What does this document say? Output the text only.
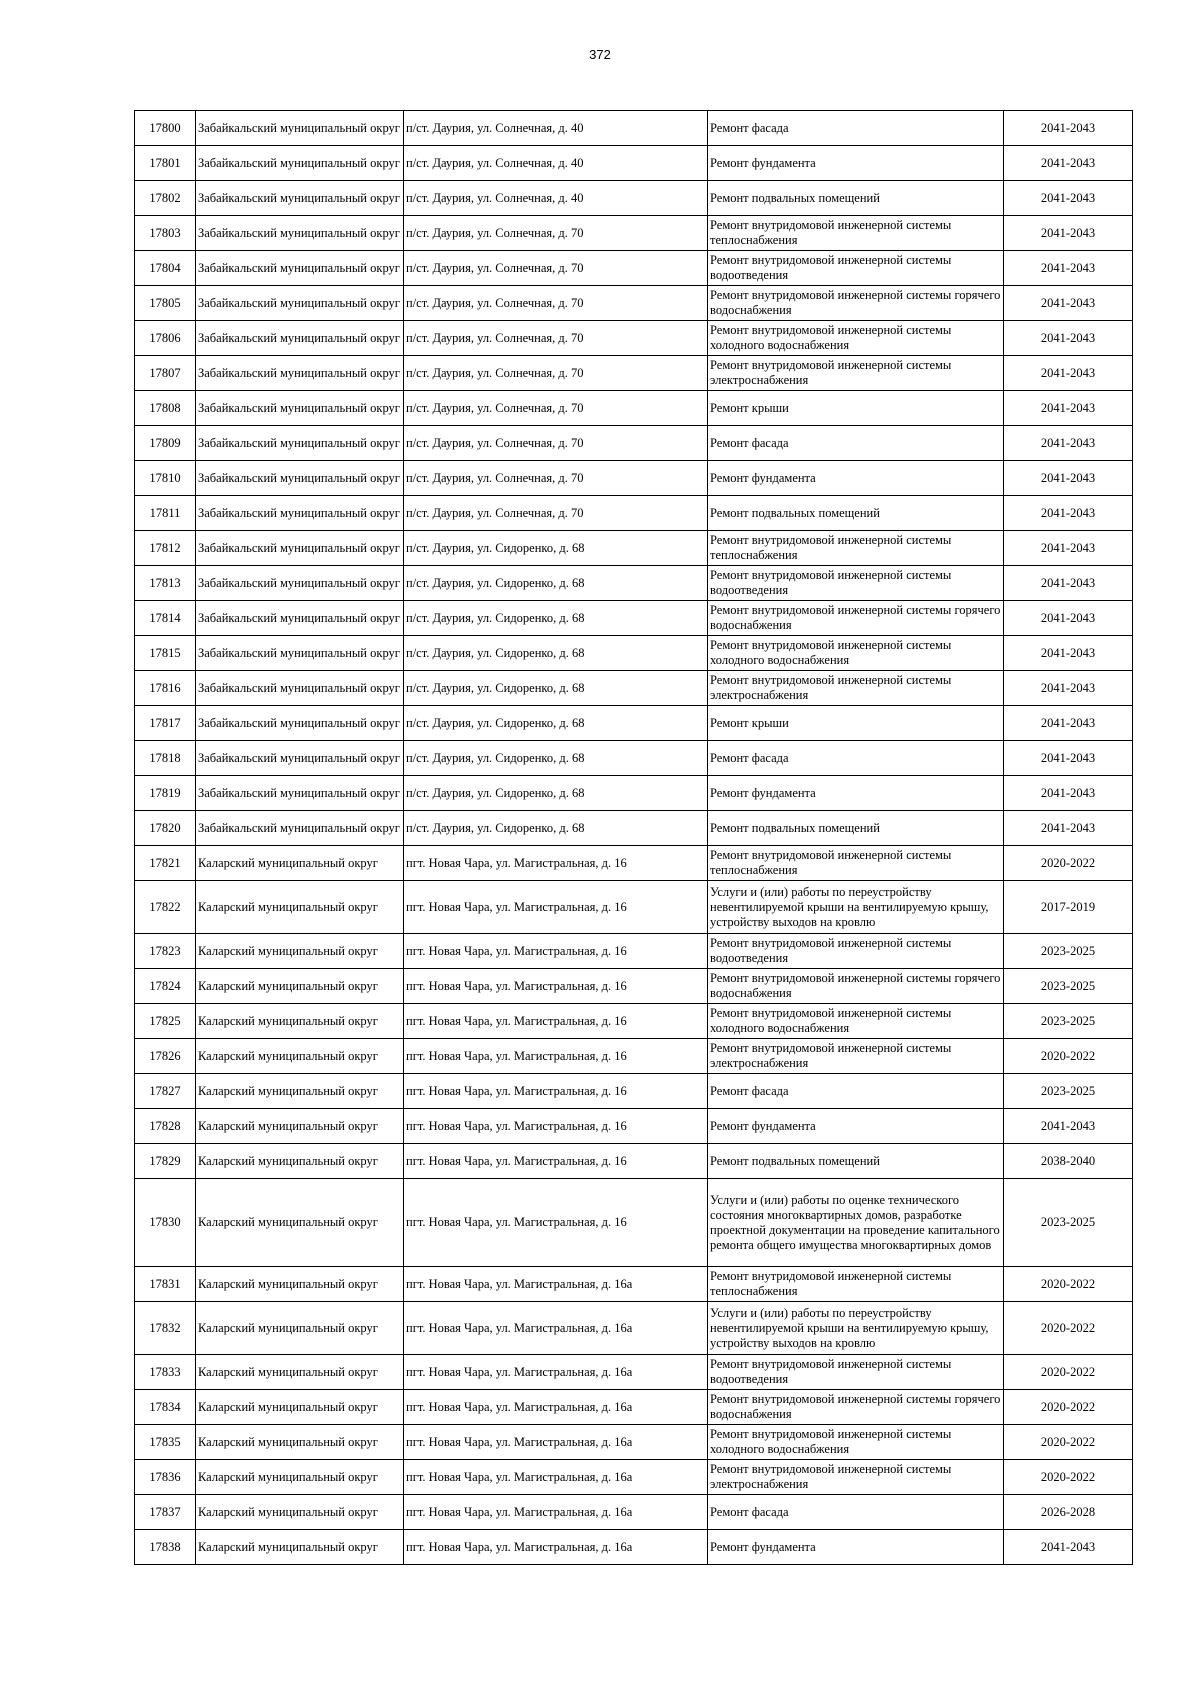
372
17800	Забайкальский муниципальный округ	п/ст. Даурия, ул. Солнечная, д. 40	Ремонт фасада	2041-2043
17801	Забайкальский муниципальный округ	п/ст. Даурия, ул. Солнечная, д. 40	Ремонт фундамента	2041-2043
17802	Забайкальский муниципальный округ	п/ст. Даурия, ул. Солнечная, д. 40	Ремонт подвальных помещений	2041-2043
17803	Забайкальский муниципальный округ	п/ст. Даурия, ул. Солнечная, д. 70	Ремонт внутридомовой инженерной системы теплоснабжения	2041-2043
17804	Забайкальский муниципальный округ	п/ст. Даурия, ул. Солнечная, д. 70	Ремонт внутридомовой инженерной системы водоотведения	2041-2043
17805	Забайкальский муниципальный округ	п/ст. Даурия, ул. Солнечная, д. 70	Ремонт внутридомовой инженерной системы горячего водоснабжения	2041-2043
17806	Забайкальский муниципальный округ	п/ст. Даурия, ул. Солнечная, д. 70	Ремонт внутридомовой инженерной системы холодного водоснабжения	2041-2043
17807	Забайкальский муниципальный округ	п/ст. Даурия, ул. Солнечная, д. 70	Ремонт внутридомовой инженерной системы электроснабжения	2041-2043
17808	Забайкальский муниципальный округ	п/ст. Даурия, ул. Солнечная, д. 70	Ремонт крыши	2041-2043
17809	Забайкальский муниципальный округ	п/ст. Даурия, ул. Солнечная, д. 70	Ремонт фасада	2041-2043
17810	Забайкальский муниципальный округ	п/ст. Даурия, ул. Солнечная, д. 70	Ремонт фундамента	2041-2043
17811	Забайкальский муниципальный округ	п/ст. Даурия, ул. Солнечная, д. 70	Ремонт подвальных помещений	2041-2043
17812	Забайкальский муниципальный округ	п/ст. Даурия, ул. Сидоренко, д. 68	Ремонт внутридомовой инженерной системы теплоснабжения	2041-2043
17813	Забайкальский муниципальный округ	п/ст. Даурия, ул. Сидоренко, д. 68	Ремонт внутридомовой инженерной системы водоотведения	2041-2043
17814	Забайкальский муниципальный округ	п/ст. Даурия, ул. Сидоренко, д. 68	Ремонт внутридомовой инженерной системы горячего водоснабжения	2041-2043
17815	Забайкальский муниципальный округ	п/ст. Даурия, ул. Сидоренко, д. 68	Ремонт внутридомовой инженерной системы холодного водоснабжения	2041-2043
17816	Забайкальский муниципальный округ	п/ст. Даурия, ул. Сидоренко, д. 68	Ремонт внутридомовой инженерной системы электроснабжения	2041-2043
17817	Забайкальский муниципальный округ	п/ст. Даурия, ул. Сидоренко, д. 68	Ремонт крыши	2041-2043
17818	Забайкальский муниципальный округ	п/ст. Даурия, ул. Сидоренко, д. 68	Ремонт фасада	2041-2043
17819	Забайкальский муниципальный округ	п/ст. Даурия, ул. Сидоренко, д. 68	Ремонт фундамента	2041-2043
17820	Забайкальский муниципальный округ	п/ст. Даурия, ул. Сидоренко, д. 68	Ремонт подвальных помещений	2041-2043
17821	Каларский муниципальный округ	пгт. Новая Чара, ул. Магистральная, д. 16	Ремонт внутридомовой инженерной системы теплоснабжения	2020-2022
17822	Каларский муниципальный округ	пгт. Новая Чара, ул. Магистральная, д. 16	Услуги и (или) работы по переустройству невентилируемой крыши на вентилируемую крышу, устройству выходов на кровлю	2017-2019
17823	Каларский муниципальный округ	пгт. Новая Чара, ул. Магистральная, д. 16	Ремонт внутридомовой инженерной системы водоотведения	2023-2025
17824	Каларский муниципальный округ	пгт. Новая Чара, ул. Магистральная, д. 16	Ремонт внутридомовой инженерной системы горячего водоснабжения	2023-2025
17825	Каларский муниципальный округ	пгт. Новая Чара, ул. Магистральная, д. 16	Ремонт внутридомовой инженерной системы холодного водоснабжения	2023-2025
17826	Каларский муниципальный округ	пгт. Новая Чара, ул. Магистральная, д. 16	Ремонт внутридомовой инженерной системы электроснабжения	2020-2022
17827	Каларский муниципальный округ	пгт. Новая Чара, ул. Магистральная, д. 16	Ремонт фасада	2023-2025
17828	Каларский муниципальный округ	пгт. Новая Чара, ул. Магистральная, д. 16	Ремонт фундамента	2041-2043
17829	Каларский муниципальный округ	пгт. Новая Чара, ул. Магистральная, д. 16	Ремонт подвальных помещений	2038-2040
17830	Каларский муниципальный округ	пгт. Новая Чара, ул. Магистральная, д. 16	Услуги и (или) работы по оценке технического состояния многоквартирных домов, разработке проектной документации на проведение капитального ремонта общего имущества многоквартирных домов	2023-2025
17831	Каларский муниципальный округ	пгт. Новая Чара, ул. Магистральная, д. 16а	Ремонт внутридомовой инженерной системы теплоснабжения	2020-2022
17832	Каларский муниципальный округ	пгт. Новая Чара, ул. Магистральная, д. 16а	Услуги и (или) работы по переустройству невентилируемой крыши на вентилируемую крышу, устройству выходов на кровлю	2020-2022
17833	Каларский муниципальный округ	пгт. Новая Чара, ул. Магистральная, д. 16а	Ремонт внутридомовой инженерной системы водоотведения	2020-2022
17834	Каларский муниципальный округ	пгт. Новая Чара, ул. Магистральная, д. 16а	Ремонт внутридомовой инженерной системы горячего водоснабжения	2020-2022
17835	Каларский муниципальный округ	пгт. Новая Чара, ул. Магистральная, д. 16а	Ремонт внутридомовой инженерной системы холодного водоснабжения	2020-2022
17836	Каларский муниципальный округ	пгт. Новая Чара, ул. Магистральная, д. 16а	Ремонт внутридомовой инженерной системы электроснабжения	2020-2022
17837	Каларский муниципальный округ	пгт. Новая Чара, ул. Магистральная, д. 16а	Ремонт фасада	2026-2028
17838	Каларский муниципальный округ	пгт. Новая Чара, ул. Магистральная, д. 16а	Ремонт фундамента	2041-2043
